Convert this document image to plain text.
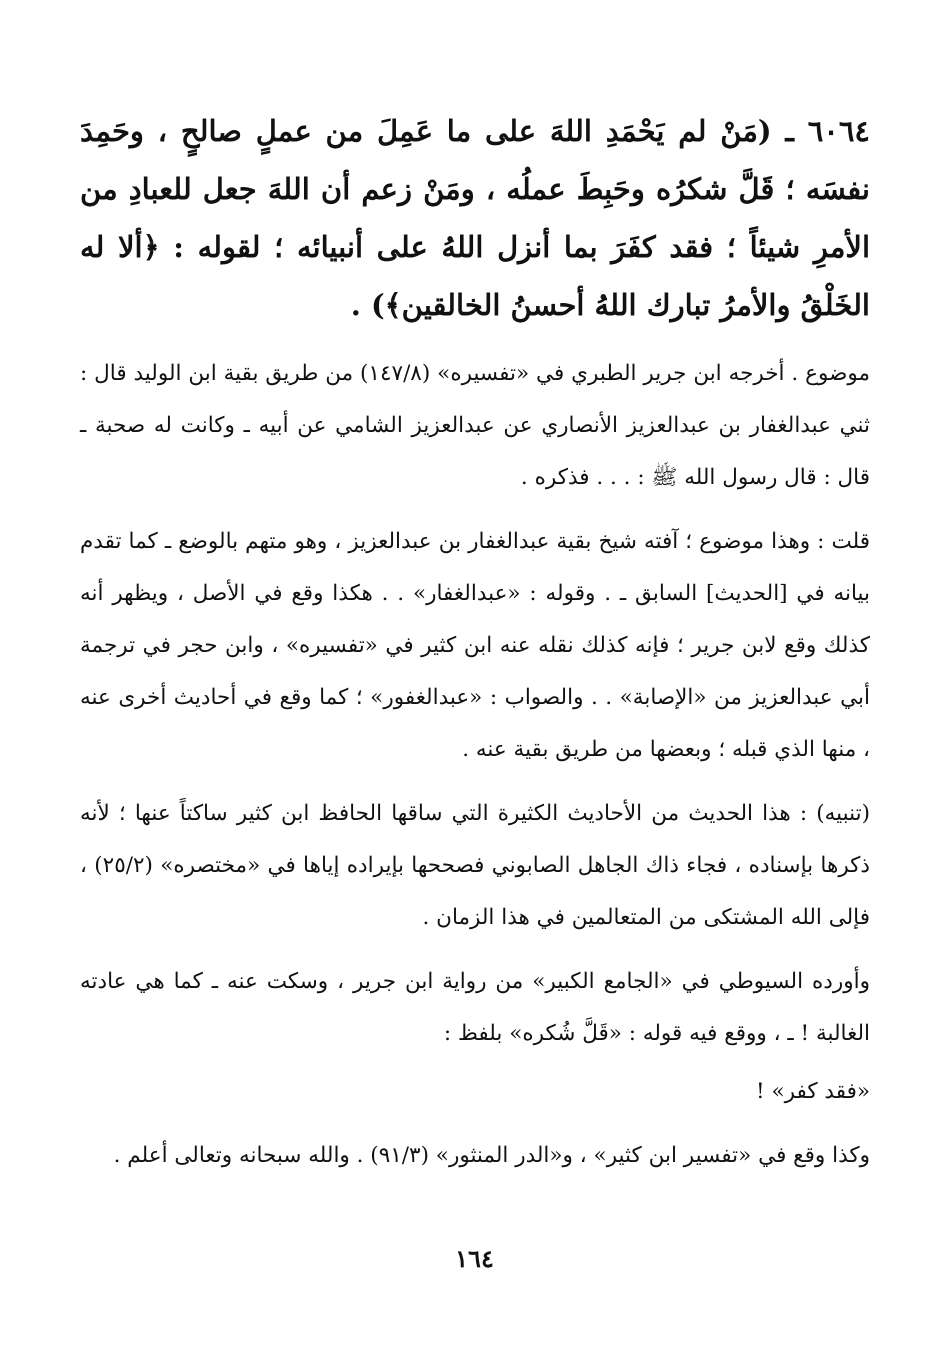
٦٠٦٤ ـ (مَنْ لم يَحْمَدِ اللهَ على ما عَمِلَ من عملٍ صالحٍ ، وحَمِدَ نفسَه ؛ قَلَّ شكرُه وحَبِطَ عملُه ، ومَنْ زعم أن اللهَ جعل للعبادِ من الأمرِ شيئاً ؛ فقد كفَرَ بما أنزل اللهُ على أنبيائه ؛ لقوله : ﴿ألا له الخَلْقُ والأمرُ تبارك اللهُ أحسنُ الخالقين﴾) .

موضوع . أخرجه ابن جرير الطبري في «تفسيره» (١٤٧/٨) من طريق بقية ابن الوليد قال : ثني عبدالغفار بن عبدالعزيز الأنصاري عن عبدالعزيز الشامي عن أبيه ـ وكانت له صحبة ـ قال : قال رسول الله ﷺ : . . . فذكره .

قلت : وهذا موضوع ؛ آفته شيخ بقية عبدالغفار بن عبدالعزيز ، وهو متهم بالوضع ـ كما تقدم بيانه في [الحديث] السابق ـ . وقوله : «عبدالغفار» . . هكذا وقع في الأصل ، ويظهر أنه كذلك وقع لابن جرير ؛ فإنه كذلك نقله عنه ابن كثير في «تفسيره» ، وابن حجر في ترجمة أبي عبدالعزيز من «الإصابة» . . والصواب : «عبدالغفور» ؛ كما وقع في أحاديث أخرى عنه ، منها الذي قبله ؛ وبعضها من طريق بقية عنه .

(تنبيه) : هذا الحديث من الأحاديث الكثيرة التي ساقها الحافظ ابن كثير ساكتاً عنها ؛ لأنه ذكرها بإسناده ، فجاء ذاك الجاهل الصابوني فصححها بإيراده إياها في «مختصره» (٢٥/٢) ، فإلى الله المشتكى من المتعالمين في هذا الزمان .

وأورده السيوطي في «الجامع الكبير» من رواية ابن جرير ، وسكت عنه ـ كما هي عادته الغالبة ! ـ ، ووقع فيه قوله : «قَلَّ شُكره» بلفظ :

«فقد كفر» !

وكذا وقع في «تفسير ابن كثير» ، و«الدر المنثور» (٩١/٣) . والله سبحانه وتعالى أعلم .

١٦٤
